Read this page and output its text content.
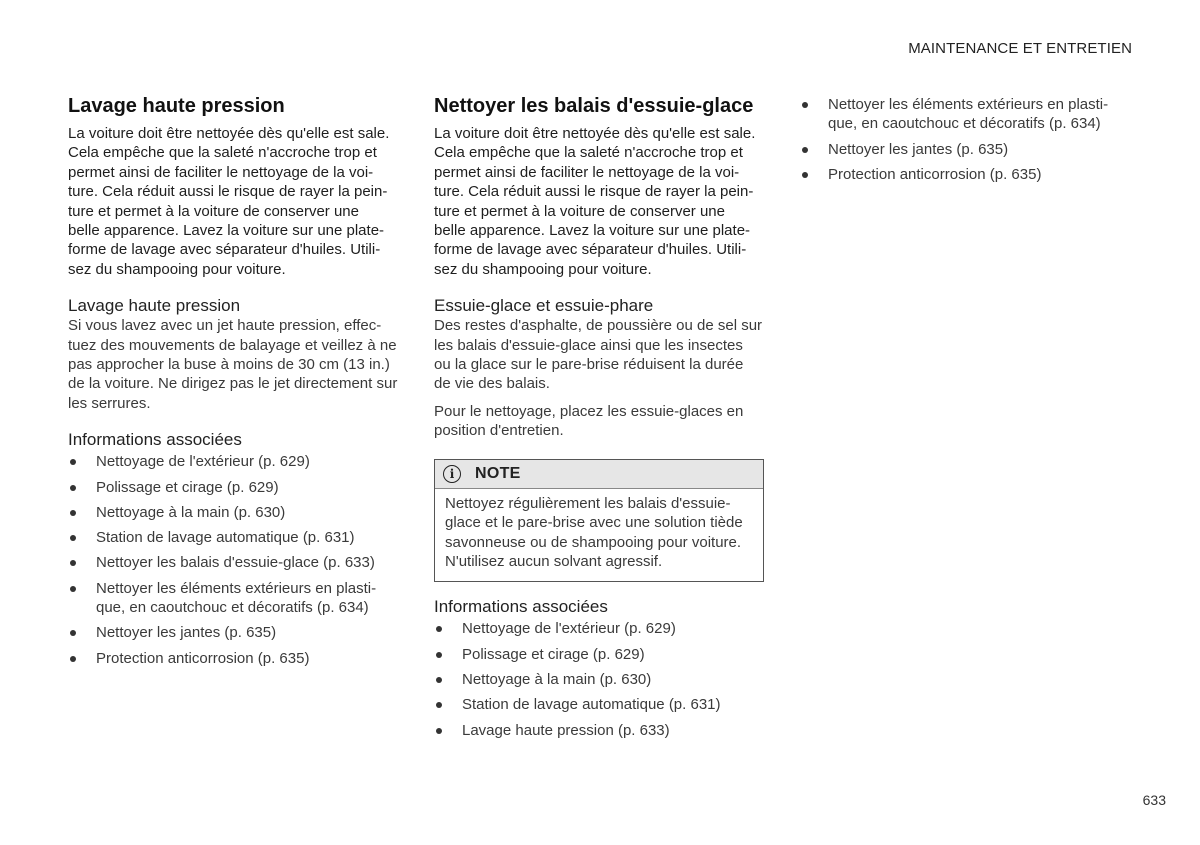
MAINTENANCE ET ENTRETIEN
Lavage haute pression

La voiture doit être nettoyée dès qu'elle est sale.
Cela empêche que la saleté n'accroche trop et
permet ainsi de faciliter le nettoyage de la voi-
ture. Cela réduit aussi le risque de rayer la pein-
ture et permet à la voiture de conserver une
belle apparence. Lavez la voiture sur une plate-
forme de lavage avec séparateur d'huiles. Utili-
sez du shampooing pour voiture.

Lavage haute pression

Si vous lavez avec un jet haute pression, effec-
tuez des mouvements de balayage et veillez à ne
pas approcher la buse à moins de 30 cm (13 in.)
de la voiture. Ne dirigez pas le jet directement sur
les serrures.

Informations associées
Nettoyage de l'extérieur (p. 629)
Polissage et cirage (p. 629)
Nettoyage à la main (p. 630)
Station de lavage automatique (p. 631)
Nettoyer les balais d'essuie-glace (p. 633)
Nettoyer les éléments extérieurs en plasti-
que, en caoutchouc et décoratifs (p. 634)
Nettoyer les jantes (p. 635)
Protection anticorrosion (p. 635)
Nettoyer les balais d'essuie-glace

La voiture doit être nettoyée dès qu'elle est sale.
Cela empêche que la saleté n'accroche trop et
permet ainsi de faciliter le nettoyage de la voi-
ture. Cela réduit aussi le risque de rayer la pein-
ture et permet à la voiture de conserver une
belle apparence. Lavez la voiture sur une plate-
forme de lavage avec séparateur d'huiles. Utili-
sez du shampooing pour voiture.

Essuie-glace et essuie-phare

Des restes d'asphalte, de poussière ou de sel sur
les balais d'essuie-glace ainsi que les insectes
ou la glace sur le pare-brise réduisent la durée
de vie des balais.

Pour le nettoyage, placez les essuie-glaces en
position d'entretien.

i	NOTE
Nettoyez régulièrement les balais d'essuie-
glace et le pare-brise avec une solution tiède
savonneuse ou de shampooing pour voiture.
N'utilisez aucun solvant agressif.
Informations associées
Nettoyage de l'extérieur (p. 629)
Polissage et cirage (p. 629)
Nettoyage à la main (p. 630)
Station de lavage automatique (p. 631)
Lavage haute pression (p. 633)
Nettoyer les éléments extérieurs en plasti-
que, en caoutchouc et décoratifs (p. 634)
Nettoyer les jantes (p. 635)
Protection anticorrosion (p. 635)
633
